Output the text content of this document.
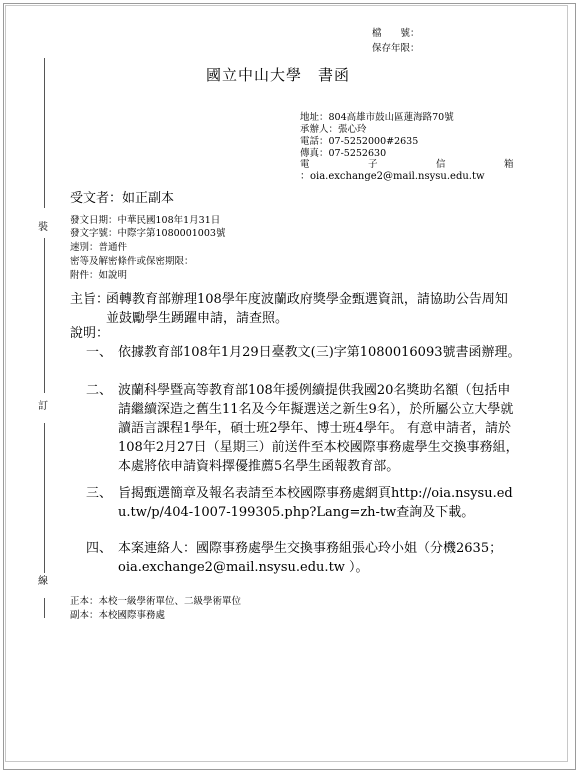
檔　　號：
保存年限：
裝
訂
線
國立中山大學　書函
地址：804高雄市鼓山區蓮海路70號
承辦人：張心玲
電話：07-5252000#2635
傳真：07-5252630
電	子	信	箱
：oia.exchange2@mail.nsysu.edu.tw
受文者：如正副本
發文日期：中華民國108年1月31日
發文字號：中際字第1080001003號
速別：普通件
密等及解密條件或保密期限：
附件：如說明
主旨：
函轉教育部辦理108學年度波蘭政府獎學金甄選資訊，請協助公告周知並鼓勵學生踴躍申請，請查照。
說明：
一、 依據教育部108年1月29日臺教文(三)字第1080016093號書函辦理。
二、 波蘭科學暨高等教育部108年援例續提供我國20名獎助名額（包括申請繼續深造之舊生11名及今年擬選送之新生9名），於所屬公立大學就讀語言課程1學年，碩士班2學年、博士班4學年。 有意申請者，請於108年2月27日（星期三）前送件至本校國際事務處學生交換事務組，本處將依申請資料擇優推薦5名學生函報教育部。
三、 旨揭甄選簡章及報名表請至本校國際事務處網頁http://oia.nsysu.edu.tw/p/404-1007-199305.php?Lang=zh-tw查詢及下載。
四、 本案連絡人：國際事務處學生交換事務組張心玲小姐（分機2635；oia.exchange2@mail.nsysu.edu.tw ）。
正本：本校一級學術單位、二級學術單位
副本：本校國際事務處
